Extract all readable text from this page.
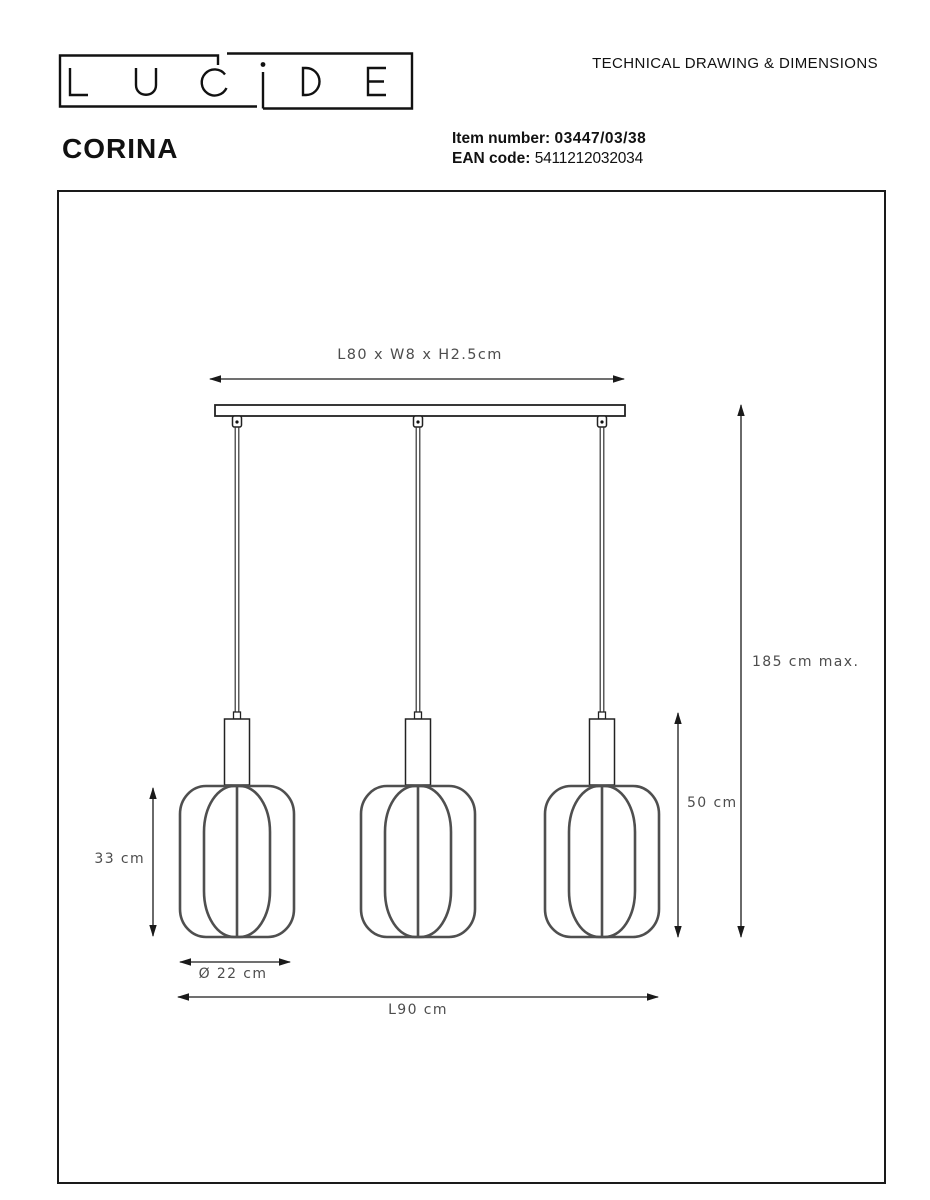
TECHNICAL DRAWING & DIMENSIONS
CORINA	Item number: 03447/03/38
EAN code: 5411212032034
L80 x W8 x H2.5cm
185 cm max.
50 cm
33 cm
Ø 22 cm
L90 cm
